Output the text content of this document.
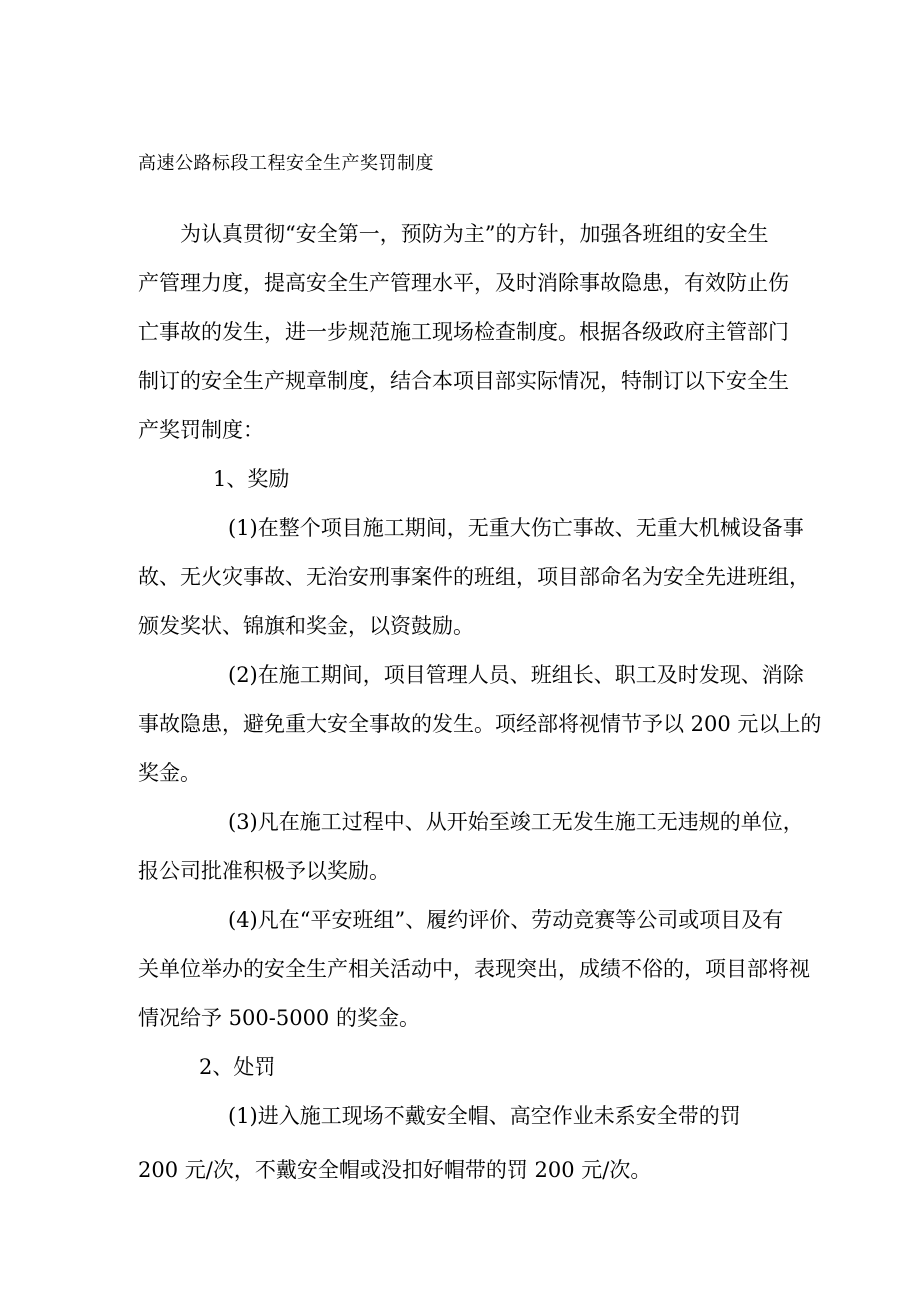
高速公路标段工程安全生产奖罚制度
为认真贯彻“安全第一，预防为主”的方针，加强各班组的安全生
产管理力度，提高安全生产管理水平，及时消除事故隐患，有效防止伤
亡事故的发生，进一步规范施工现场检查制度。根据各级政府主管部门
制订的安全生产规章制度，结合本项目部实际情况，特制订以下安全生
产奖罚制度：
1、奖励
(1)在整个项目施工期间，无重大伤亡事故、无重大机械设备事
故、无火灾事故、无治安刑事案件的班组，项目部命名为安全先进班组，
颁发奖状、锦旗和奖金，以资鼓励。
(2)在施工期间，项目管理人员、班组长、职工及时发现、消除
事故隐患，避免重大安全事故的发生。项经部将视情节予以 200 元以上的
奖金。
(3)凡在施工过程中、从开始至竣工无发生施工无违规的单位，
报公司批准积极予以奖励。
(4)凡在“平安班组”、履约评价、劳动竞赛等公司或项目及有
关单位举办的安全生产相关活动中，表现突出，成绩不俗的，项目部将视
情况给予 500-5000 的奖金。
2、处罚
(1)进入施工现场不戴安全帽、高空作业未系安全带的罚
200 元/次，不戴安全帽或没扣好帽带的罚 200 元/次。
